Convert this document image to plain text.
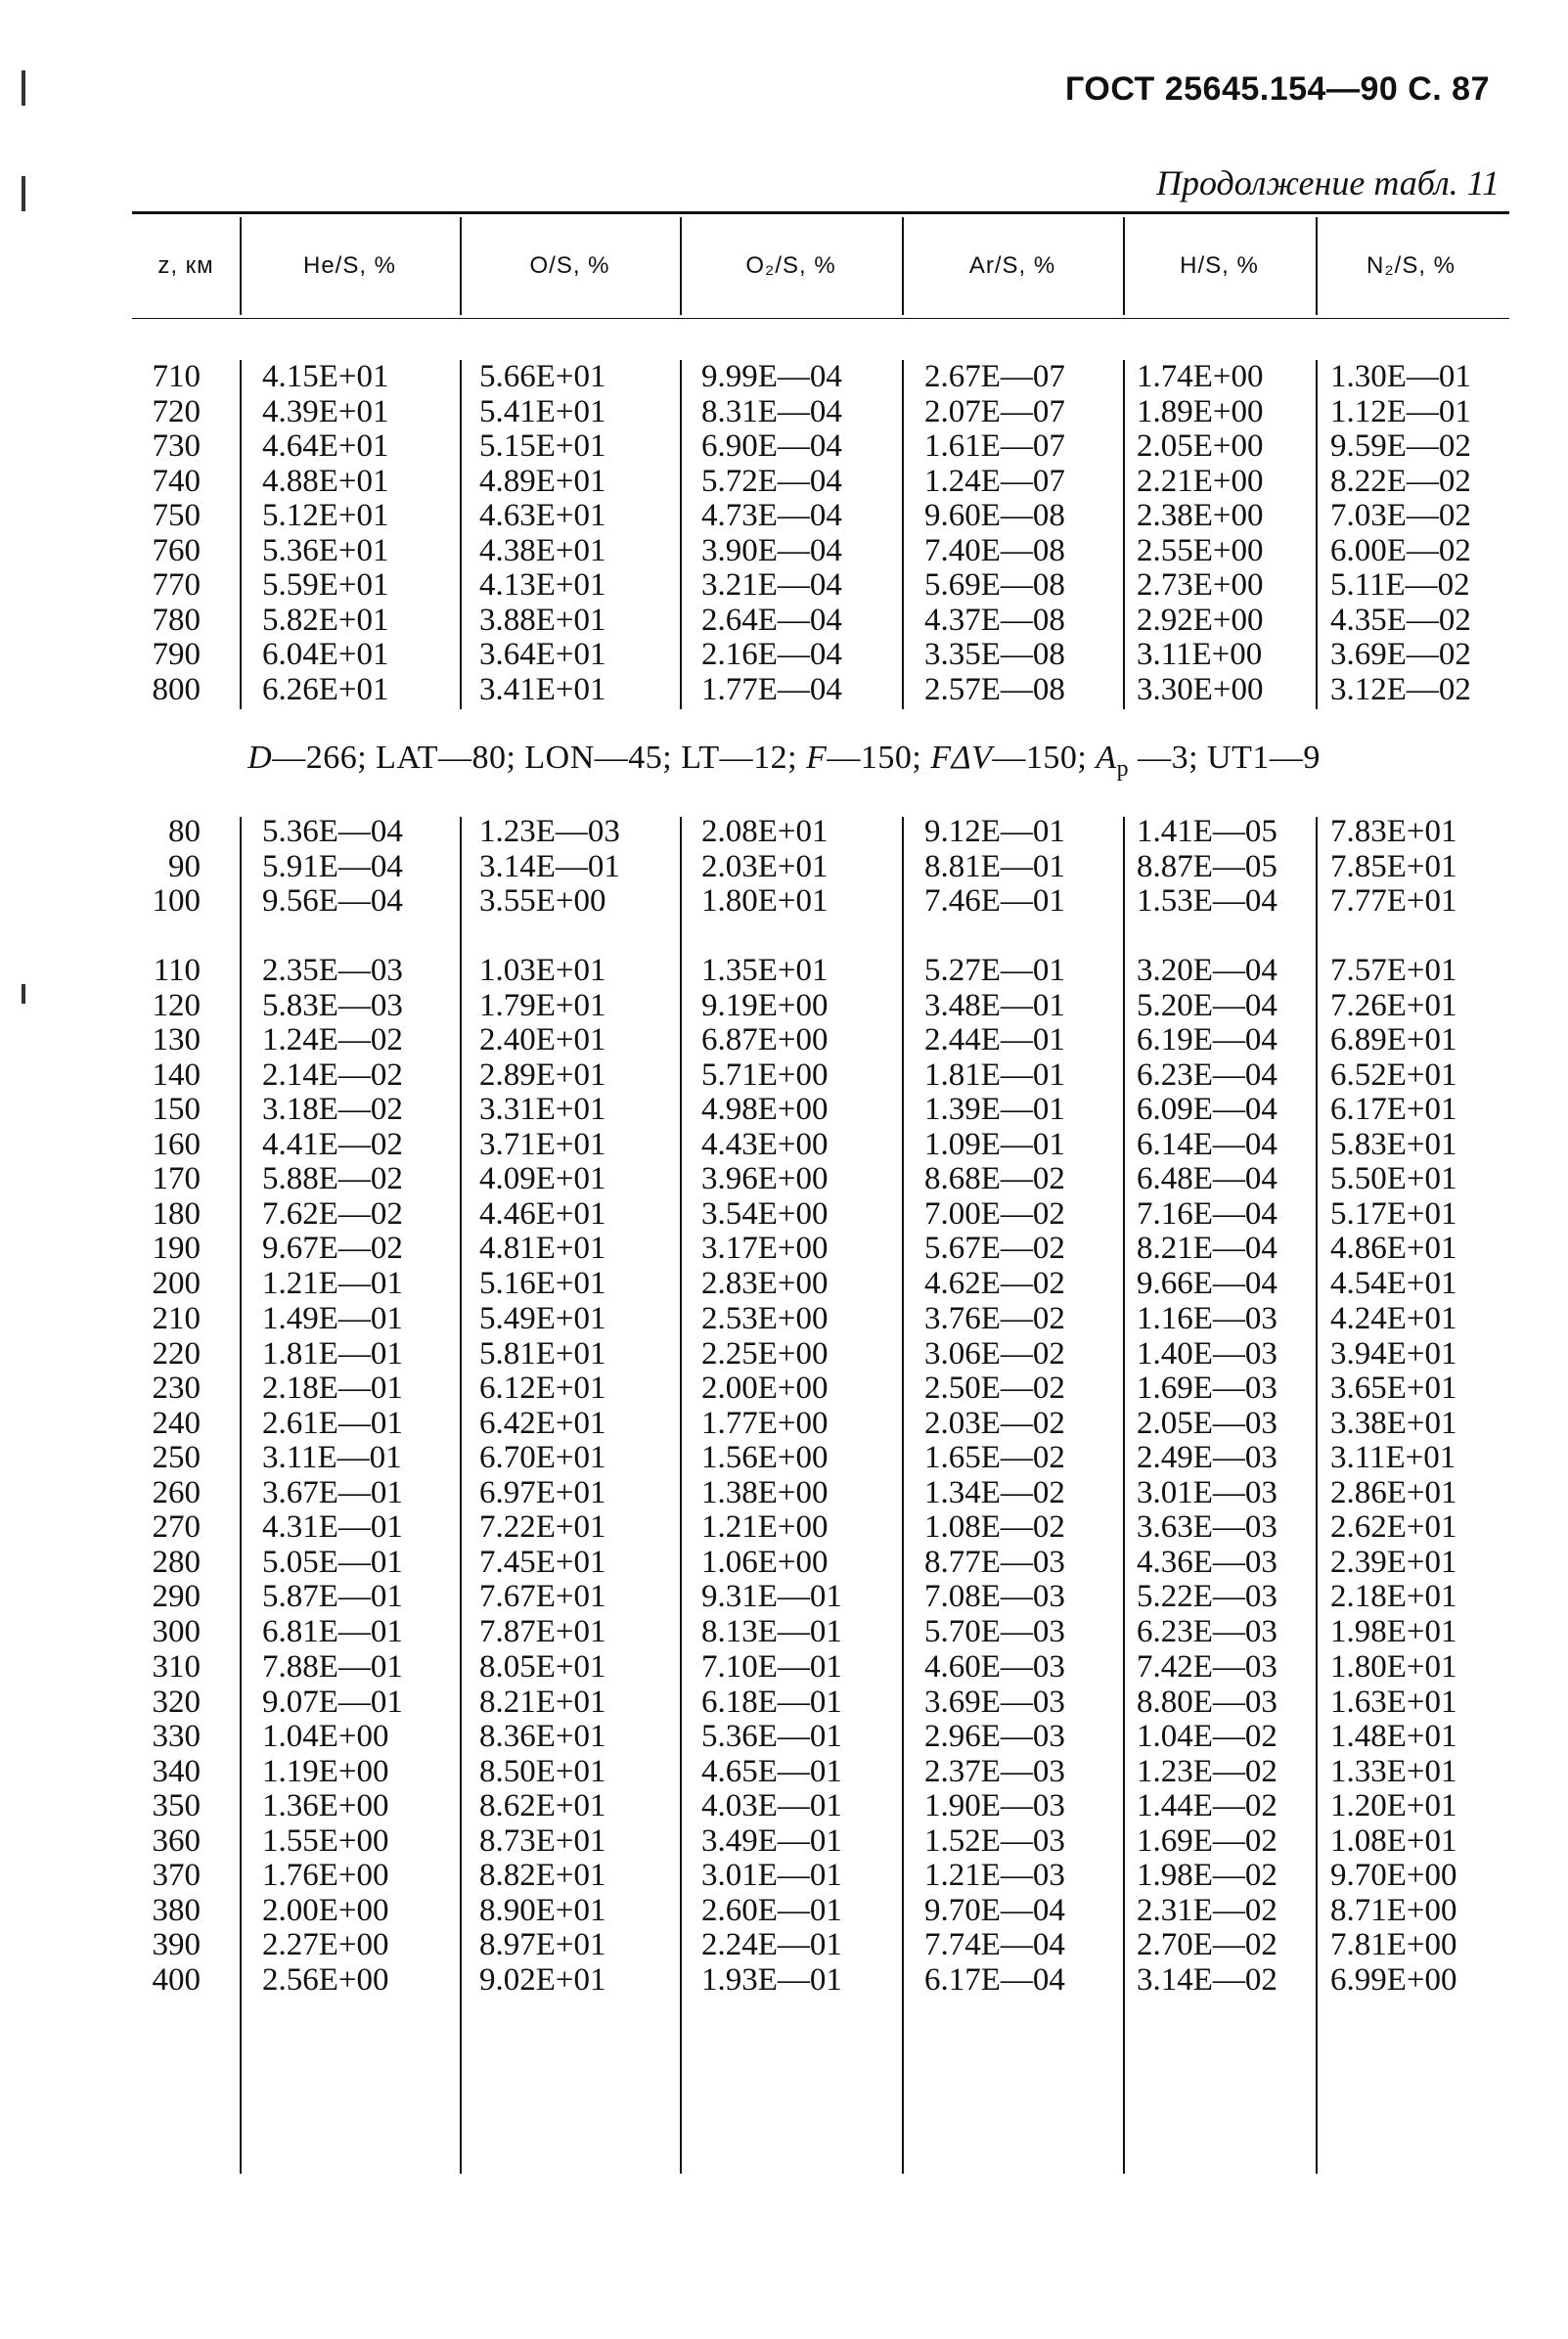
ГОСТ 25645.154—90 С. 87
Продолжение табл. 11
z, км	He/S, %	O/S, %	O₂/S, %	Ar/S, %	H/S, %	N₂/S, %
710 4.15E+01	5.66E+01	9.99E—04	2.67E—07 1.74E+00 1.30E—01
720 4.39E+01	5.41E+01	8.31E—04	2.07E—07 1.89E+00 1.12E—01
730 4.64E+01	5.15E+01	6.90E—04	1.61E—07 2.05E+00 9.59E—02
740 4.88E+01	4.89E+01	5.72E—04	1.24E—07 2.21E+00 8.22E—02
750 5.12E+01	4.63E+01	4.73E—04	9.60E—08 2.38E+00 7.03E—02
760 5.36E+01	4.38E+01	3.90E—04	7.40E—08 2.55E+00 6.00E—02
770 5.59E+01	4.13E+01	3.21E—04	5.69E—08 2.73E+00 5.11E—02
780 5.82E+01	3.88E+01	2.64E—04	4.37E—08 2.92E+00 4.35E—02
790 6.04E+01	3.64E+01	2.16E—04	3.35E—08 3.11E+00 3.69E—02
800 6.26E+01	3.41E+01	1.77E—04	2.57E—08 3.30E+00 3.12E—02
80 5.36E—04 1.23E—03	2.08E+01	9.12E—01 1.41E—05 7.83E+01
90 5.91E—04 3.14E—01	2.03E+01	8.81E—01 8.87E—05 7.85E+01
100 9.56E—04 3.55E+00	1.80E+01	7.46E—01 1.53E—04 7.77E+01
110 2.35E—03 1.03E+01	1.35E+01	5.27E—01 3.20E—04 7.57E+01
120 5.83E—03 1.79E+01	9.19E+00	3.48E—01 5.20E—04 7.26E+01
130 1.24E—02 2.40E+01	6.87E+00	2.44E—01 6.19E—04 6.89E+01
140 2.14E—02 2.89E+01	5.71E+00	1.81E—01 6.23E—04 6.52E+01
150 3.18E—02 3.31E+01	4.98E+00	1.39E—01 6.09E—04 6.17E+01
160 4.41E—02 3.71E+01	4.43E+00	1.09E—01 6.14E—04 5.83E+01
170 5.88E—02 4.09E+01	3.96E+00	8.68E—02 6.48E—04 5.50E+01
180 7.62E—02 4.46E+01	3.54E+00	7.00E—02 7.16E—04 5.17E+01
190 9.67E—02 4.81E+01	3.17E+00	5.67E—02 8.21E—04 4.86E+01
200 1.21E—01 5.16E+01	2.83E+00	4.62E—02 9.66E—04 4.54E+01
210 1.49E—01 5.49E+01	2.53E+00	3.76E—02 1.16E—03 4.24E+01
220 1.81E—01 5.81E+01	2.25E+00	3.06E—02 1.40E—03 3.94E+01
230 2.18E—01 6.12E+01	2.00E+00	2.50E—02 1.69E—03 3.65E+01
240 2.61E—01 6.42E+01	1.77E+00	2.03E—02 2.05E—03 3.38E+01
250 3.11E—01 6.70E+01	1.56E+00	1.65E—02 2.49E—03 3.11E+01
260 3.67E—01 6.97E+01	1.38E+00	1.34E—02 3.01E—03 2.86E+01
270 4.31E—01 7.22E+01	1.21E+00	1.08E—02 3.63E—03 2.62E+01
280 5.05E—01 7.45E+01	1.06E+00	8.77E—03 4.36E—03 2.39E+01
290 5.87E—01 7.67E+01	9.31E—01	7.08E—03 5.22E—03 2.18E+01
300 6.81E—01 7.87E+01	8.13E—01	5.70E—03 6.23E—03 1.98E+01
310 7.88E—01 8.05E+01	7.10E—01	4.60E—03 7.42E—03 1.80E+01
320 9.07E—01 8.21E+01	6.18E—01	3.69E—03 8.80E—03 1.63E+01
330 1.04E+00	8.36E+01	5.36E—01	2.96E—03 1.04E—02 1.48E+01
340 1.19E+00	8.50E+01	4.65E—01	2.37E—03 1.23E—02 1.33E+01
350 1.36E+00	8.62E+01	4.03E—01	1.90E—03 1.44E—02 1.20E+01
360 1.55E+00	8.73E+01	3.49E—01	1.52E—03 1.69E—02 1.08E+01
370 1.76E+00	8.82E+01	3.01E—01	1.21E—03 1.98E—02 9.70E+00
380 2.00E+00	8.90E+01	2.60E—01	9.70E—04 2.31E—02 8.71E+00
390 2.27E+00	8.97E+01	2.24E—01	7.74E—04 2.70E—02 7.81E+00
400 2.56E+00	9.02E+01	1.93E—01	6.17E—04 3.14E—02 6.99E+00
D—266; LAT—80; LON—45; LT—12; F—150; FΔV—150; $A_p$ —3; UT1—9
